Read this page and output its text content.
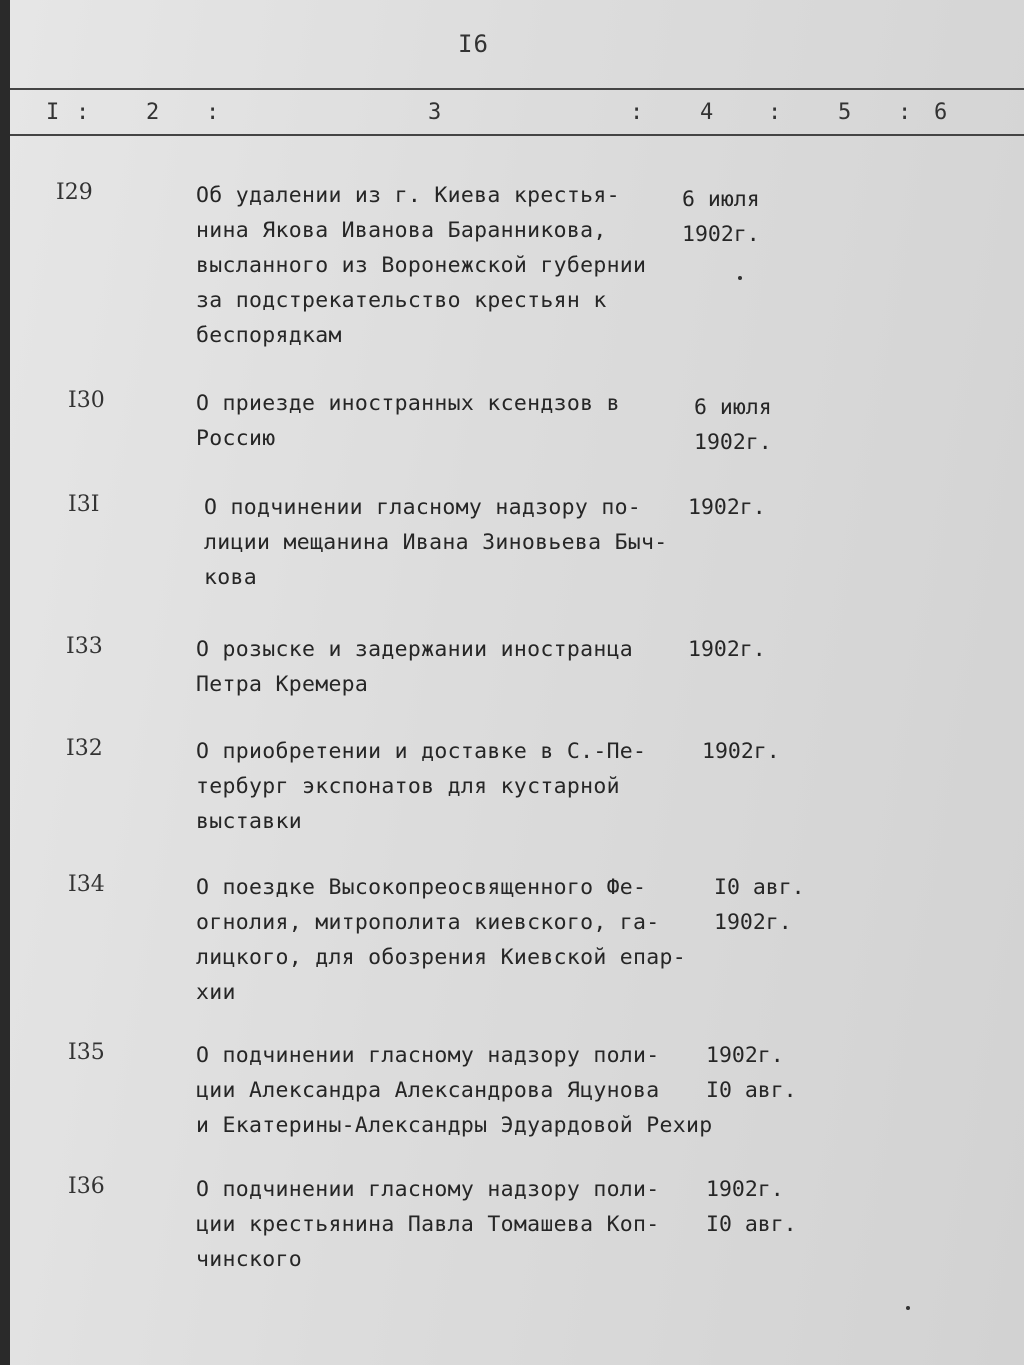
I6
I :	2 :	3	:	4 :	5 : 6
I29	Об удалении из г. Киева крестья-
нина Якова Иванова Баранникова,
высланного из Воронежской губернии
за подстрекательство крестьян к
беспорядкам
6 июля
1902г.
I30	О приезде иностранных ксендзов в
Россию
6 июля
1902г.
I3I	О подчинении гласному надзору по-
лиции мещанина Ивана Зиновьева Быч-
кова
1902г.
I33	О розыске и задержании иностранца
Петра Кремера
1902г.
I32	О приобретении и доставке в С.-Пе-
тербург экспонатов для кустарной
выставки
1902г.
I34	О поездке Высокопреосвященного Фе-
огнолия, митрополита киевского, га-
лицкого, для обозрения Киевской епар-
хии
I0 авг.
1902г.
I35	О подчинении гласному надзору поли-
ции Александра Александрова Яцунова
и Екатерины-Алексaндры Эдуардовой Рехир
1902г.
I0 авг.
I36	О подчинении гласному надзору поли-
ции крестьянина Павла Томашева Коп-
чинского
1902г.
I0 авг.
